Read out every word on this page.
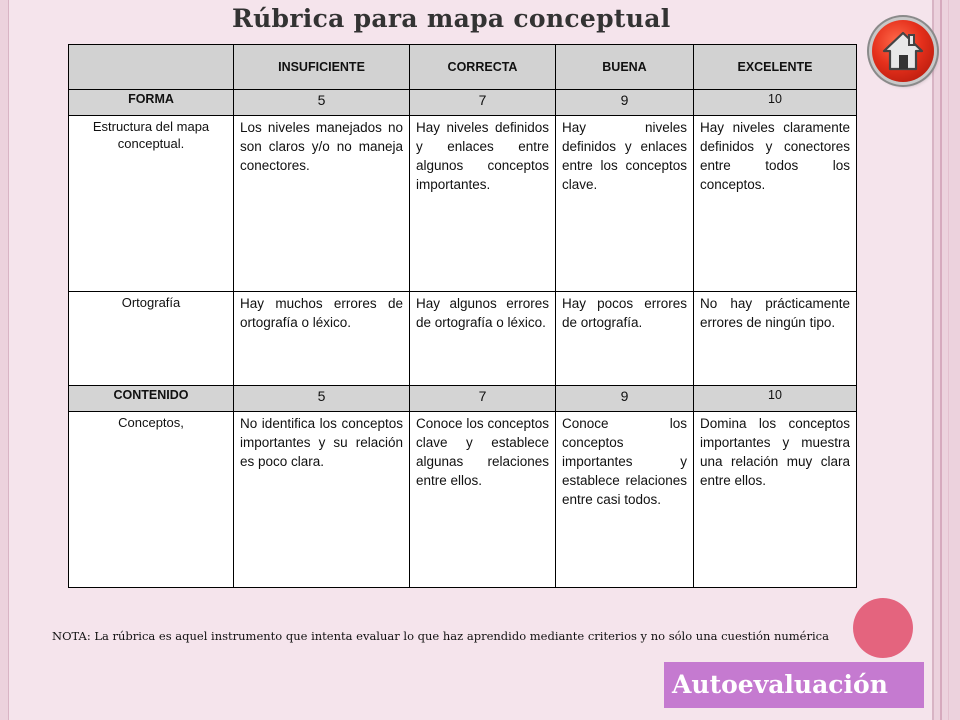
Rúbrica para mapa conceptual
	INSUFICIENTE	CORRECTA	BUENA	EXCELENTE
FORMA	5	7	9	10
Estructura del mapa conceptual.	Los niveles manejados no son claros y/o no maneja conectores.	Hay niveles definidos y enlaces entre algunos conceptos importantes.	Hay niveles definidos y enlaces entre los conceptos clave.	Hay niveles claramente definidos y conectores entre todos los conceptos.
Ortografía	Hay muchos errores de ortografía o léxico.	Hay algunos errores de ortografía o léxico.	Hay pocos errores de ortografía.	No hay prácticamente errores de ningún tipo.
CONTENIDO	5	7	9	10
Conceptos,	No identifica los conceptos importantes y su relación es poco clara.	Conoce los conceptos clave y establece algunas relaciones entre ellos.	Conoce los conceptos importantes y establece relaciones entre casi todos.	Domina los conceptos importantes y muestra una relación muy clara entre ellos.
NOTA: La rúbrica es aquel instrumento que intenta evaluar lo que haz aprendido mediante criterios y no sólo una cuestión numérica
Autoevaluación
